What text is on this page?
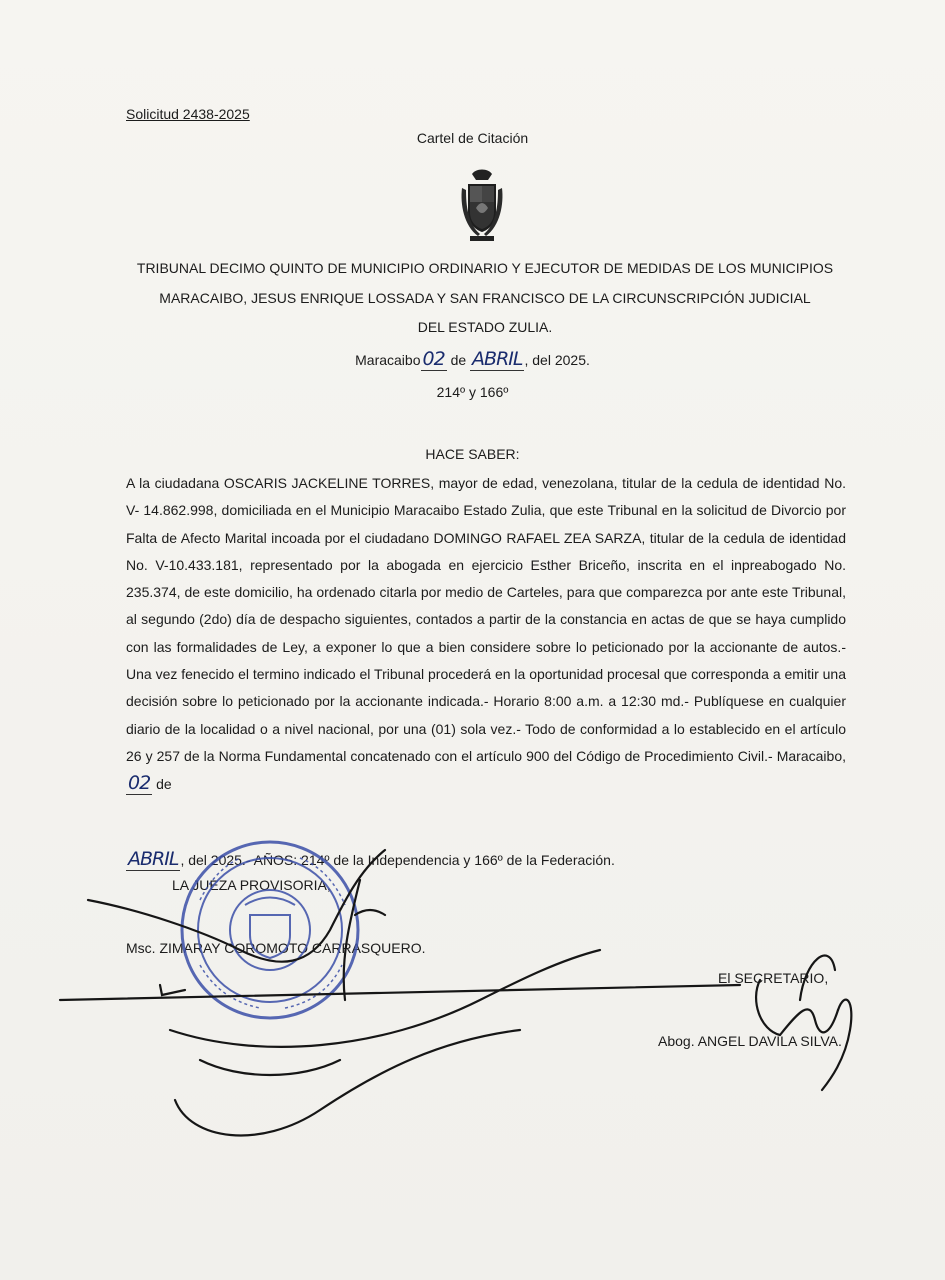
Solicitud 2438-2025
Cartel de Citación
TRIBUNAL DECIMO QUINTO DE MUNICIPIO ORDINARIO Y EJECUTOR DE MEDIDAS DE LOS MUNICIPIOS
MARACAIBO, JESUS ENRIQUE LOSSADA Y SAN FRANCISCO DE LA CIRCUNSCRIPCIÓN JUDICIAL
DEL ESTADO ZULIA.
Maracaibo 02 de ABRIL , del 2025.
214º y 166º
HACE SABER:
A la ciudadana OSCARIS JACKELINE TORRES, mayor de edad, venezolana, titular de la cedula de identidad No. V- 14.862.998, domiciliada en el Municipio Maracaibo Estado Zulia, que este Tribunal en la solicitud de Divorcio por Falta de Afecto Marital incoada por el ciudadano DOMINGO RAFAEL ZEA SARZA, titular de la cedula de identidad No. V-10.433.181, representado por la abogada en ejercicio Esther Briceño, inscrita en el inpreabogado No. 235.374, de este domicilio, ha ordenado citarla por medio de Carteles, para que comparezca por ante este Tribunal, al segundo (2do) día de despacho siguientes, contados a partir de la constancia en actas de que se haya cumplido con las formalidades de Ley, a exponer lo que a bien considere sobre lo peticionado por la accionante de autos.- Una vez fenecido el termino indicado el Tribunal procederá en la oportunidad procesal que corresponda a emitir una decisión sobre lo peticionado por la accionante indicada.- Horario 8:00 a.m. a 12:30 md.- Publíquese en cualquier diario de la localidad o a nivel nacional, por una (01) sola vez.- Todo de conformidad a lo establecido en el artículo 26 y 257 de la Norma Fundamental concatenado con el artículo 900 del Código de Procedimiento Civil.- Maracaibo, 02 de
ABRIL , del 2025.- AÑOS: 214º de la Independencia y 166º de la Federación.
LA JUEZA PROVISORIA,
Msc. ZIMARAY COROMOTO CARRASQUERO.
El SECRETARIO,
Abog. ANGEL DAVILA SILVA.
